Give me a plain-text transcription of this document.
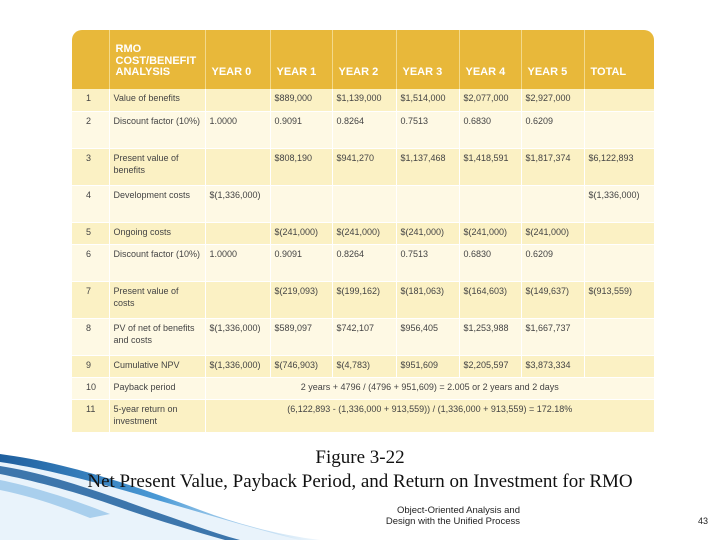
	RMO COST/BENEFIT ANALYSIS	YEAR 0	YEAR 1	YEAR 2	YEAR 3	YEAR 4	YEAR 5	TOTAL
1	Value of benefits		$889,000	$1,139,000	$1,514,000	$2,077,000	$2,927,000	
2	Discount factor (10%)	1.0000	0.9091	0.8264	0.7513	0.6830	0.6209	
3	Present value of benefits		$808,190	$941,270	$1,137,468	$1,418,591	$1,817,374	$6,122,893
4	Development costs	$(1,336,000)						$(1,336,000)
5	Ongoing costs		$(241,000)	$(241,000)	$(241,000)	$(241,000)	$(241,000)	
6	Discount factor (10%)	1.0000	0.9091	0.8264	0.7513	0.6830	0.6209	
7	Present value of costs		$(219,093)	$(199,162)	$(181,063)	$(164,603)	$(149,637)	$(913,559)
8	PV of net of benefits and costs	$(1,336,000)	$589,097	$742,107	$956,405	$1,253,988	$1,667,737	
9	Cumulative NPV	$(1,336,000)	$(746,903)	$(4,783)	$951,609	$2,205,597	$3,873,334	
10	Payback period	2 years + 4796 / (4796 + 951,609) = 2.005 or 2 years and 2 days						
11	5-year return on investment	(6,122,893 - (1,336,000 + 913,559)) / (1,336,000 + 913,559) = 172.18%						
Figure 3-22
Net Present Value, Payback Period, and Return on Investment for RMO
Object-Oriented Analysis and
Design with the Unified Process	43
